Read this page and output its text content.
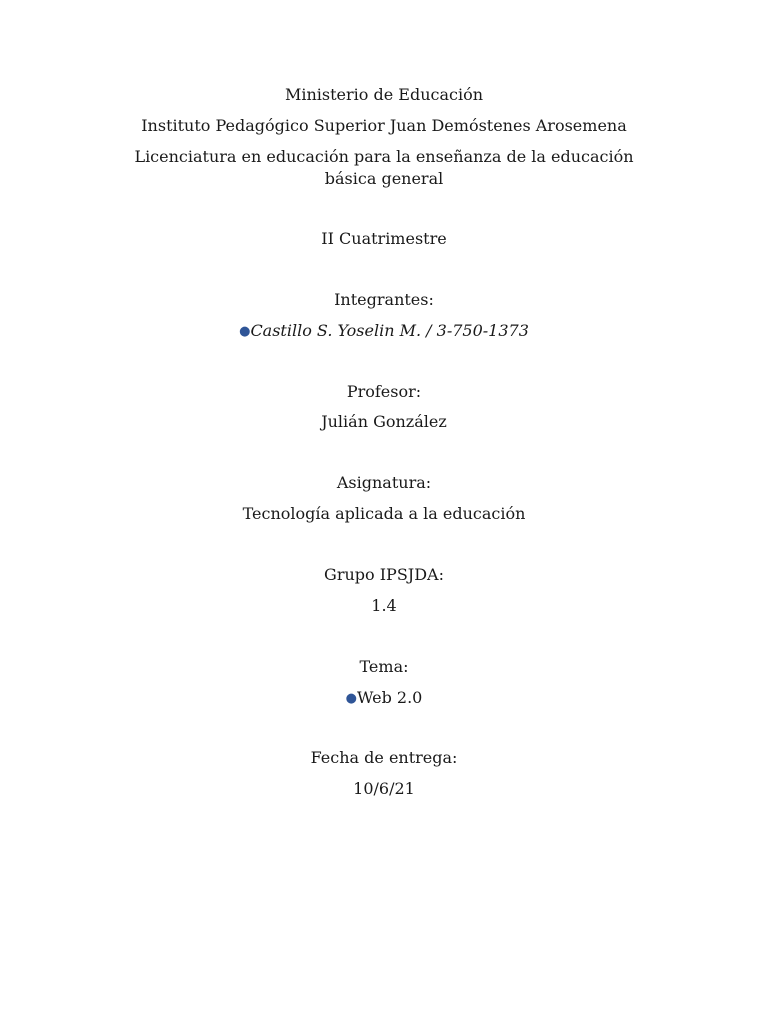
Ministerio de Educación
Instituto Pedagógico Superior Juan Demóstenes Arosemena
Licenciatura en educación para la enseñanza de la educación básica general
II Cuatrimestre
Integrantes:
●Castillo S. Yoselin M. / 3-750-1373
Profesor:
Julián González
Asignatura:
Tecnología aplicada a la educación
Grupo IPSJDA:
1.4
Tema:
●Web 2.0
Fecha de entrega:
10/6/21
